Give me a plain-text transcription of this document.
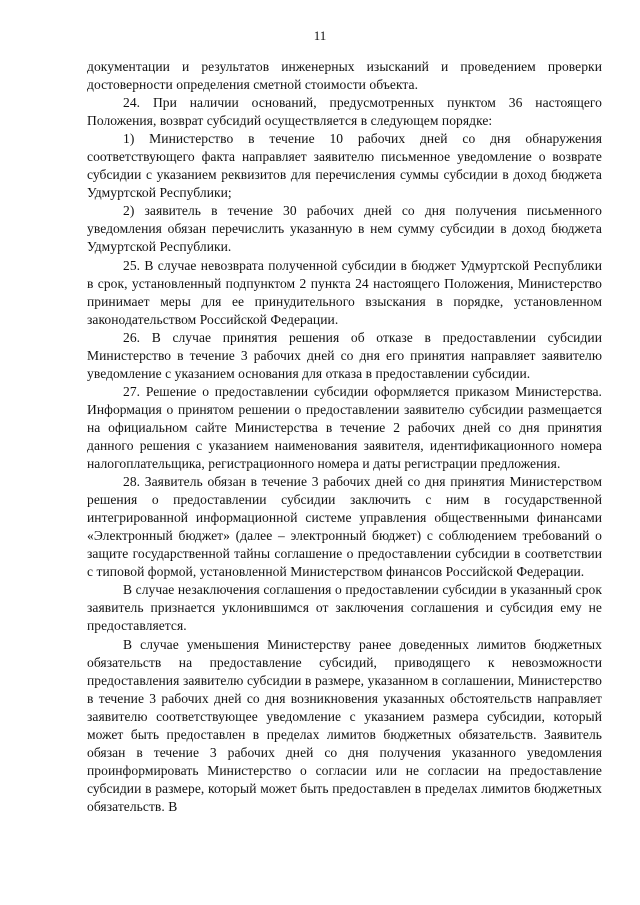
11

документации и результатов инженерных изысканий и проведением проверки достоверности определения сметной стоимости объекта.

24. При наличии оснований, предусмотренных пунктом 36 настоящего Положения, возврат субсидий осуществляется в следующем порядке:

1) Министерство в течение 10 рабочих дней со дня обнаружения соответствующего факта направляет заявителю письменное уведомление о возврате субсидии с указанием реквизитов для перечисления суммы субсидии в доход бюджета Удмуртской Республики;

2) заявитель в течение 30 рабочих дней со дня получения письменного уведомления обязан перечислить указанную в нем сумму субсидии в доход бюджета Удмуртской Республики.

25. В случае невозврата полученной субсидии в бюджет Удмуртской Республики в срок, установленный подпунктом 2 пункта 24 настоящего Положения, Министерство принимает меры для ее принудительного взыскания в порядке, установленном законодательством Российской Федерации.

26. В случае принятия решения об отказе в предоставлении субсидии Министерство в течение 3 рабочих дней со дня его принятия направляет заявителю уведомление с указанием основания для отказа в предоставлении субсидии.

27. Решение о предоставлении субсидии оформляется приказом Министерства. Информация о принятом решении о предоставлении заявителю субсидии размещается на официальном сайте Министерства в течение 2 рабочих дней со дня принятия данного решения с указанием наименования заявителя, идентификационного номера налогоплательщика, регистрационного номера и даты регистрации предложения.

28. Заявитель обязан в течение 3 рабочих дней со дня принятия Министерством решения о предоставлении субсидии заключить с ним в государственной интегрированной информационной системе управления общественными финансами «Электронный бюджет» (далее – электронный бюджет) с соблюдением требований о защите государственной тайны соглашение о предоставлении субсидии в соответствии с типовой формой, установленной Министерством финансов Российской Федерации.

В случае незаключения соглашения о предоставлении субсидии в указанный срок заявитель признается уклонившимся от заключения соглашения и субсидия ему не предоставляется.

В случае уменьшения Министерству ранее доведенных лимитов бюджетных обязательств на предоставление субсидий, приводящего к невозможности предоставления заявителю субсидии в размере, указанном в соглашении, Министерство в течение 3 рабочих дней со дня возникновения указанных обстоятельств направляет заявителю соответствующее уведомление с указанием размера субсидии, который может быть предоставлен в пределах лимитов бюджетных обязательств. Заявитель обязан в течение 3 рабочих дней со дня получения указанного уведомления проинформировать Министерство о согласии или не согласии на предоставление субсидии в размере, который может быть предоставлен в пределах лимитов бюджетных обязательств. В
